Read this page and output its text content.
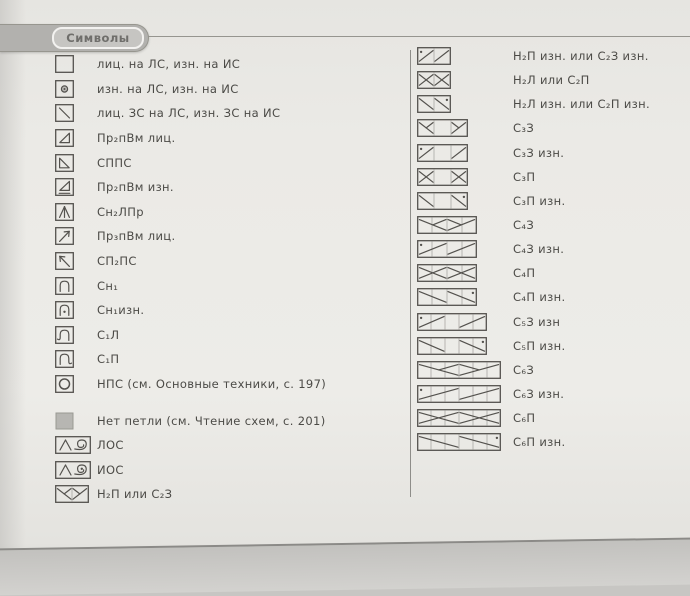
Символы
лиц. на ЛС, изн. на ИС
изн. на ЛС, изн. на ИС
лиц. ЗС на ЛС, изн. ЗС на ИС
Пр₂пВм лиц.
СППС
Пр₂пВм изн.
Сн₂ЛПр
Пр₃пВм лиц.
СП₂ПС
Сн₁
Сн₁изн.
С₁Л
С₁П
НПС (см. Основные техники, с. 197)
Нет петли (см. Чтение схем, с. 201)
ЛОС
ИОС
Н₂П или С₂З
Н₂П изн. или С₂З изн.
Н₂Л или С₂П
Н₂Л изн. или С₂П изн.
С₃З
С₃З изн.
С₃П
С₃П изн.
С₄З
С₄З изн.
С₄П
С₄П изн.
С₅З изн
С₅П изн.
С₆З
С₆З изн.
С₆П
С₆П изн.
